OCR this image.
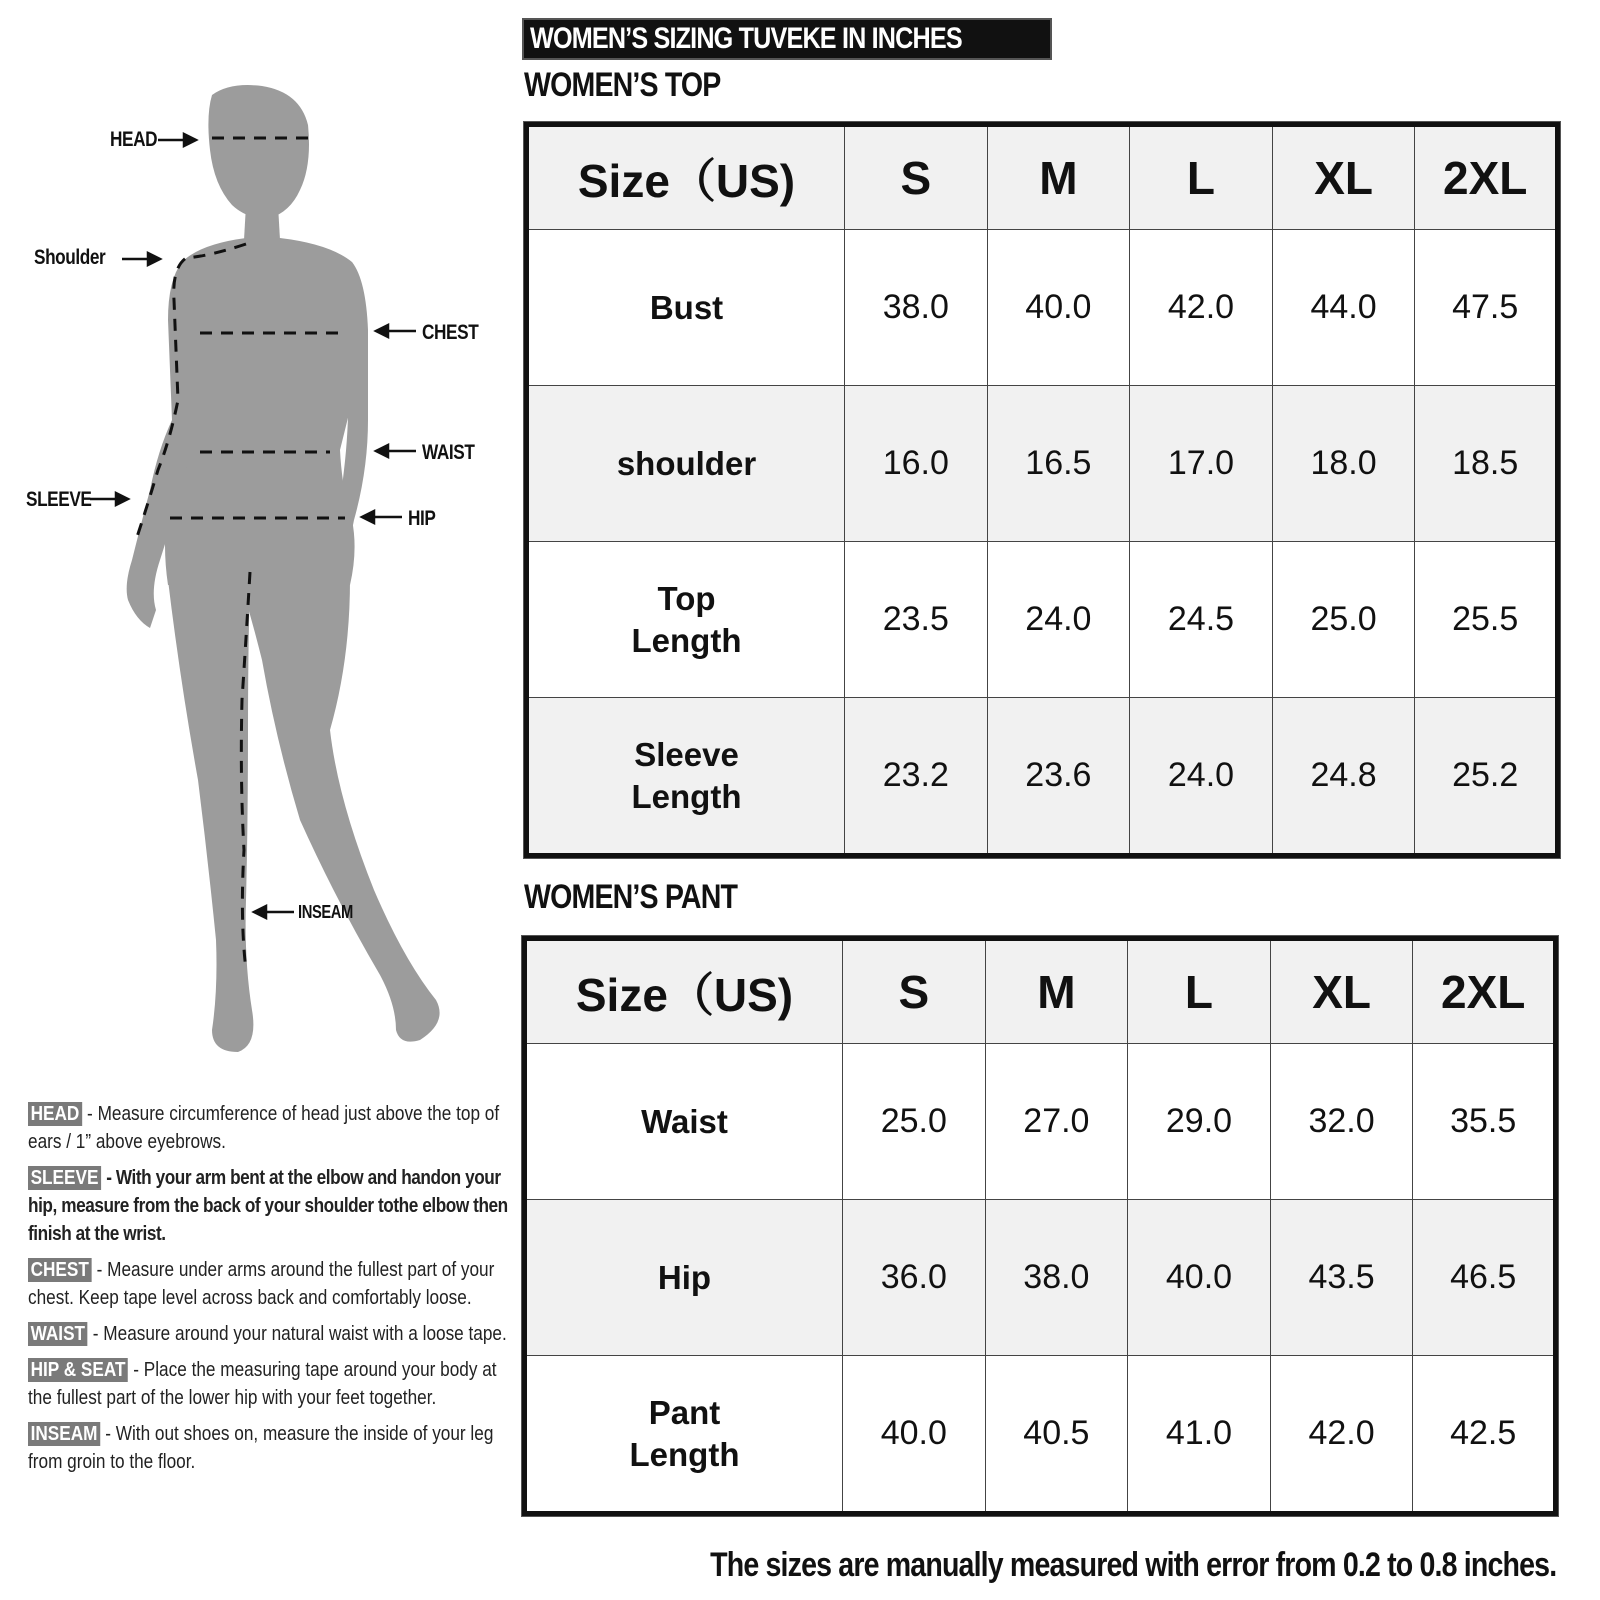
HEAD
Shoulder
CHEST
WAIST
SLEEVE
HIP
INSEAM
HEAD - Measure circumference of head just above the top of ears / 1” above eyebrows.
SLEEVE - With your arm bent at the elbow and handon your hip, measure from the back of your shoulder tothe elbow then finish at the wrist.
CHEST - Measure under arms around the fullest part of your chest. Keep tape level across back and comfortably loose.
WAIST - Measure around your natural waist with a loose tape.
HIP & SEAT - Place the measuring tape around your body at the fullest part of the lower hip with your feet together.
INSEAM - With out shoes on, measure the inside of your leg from groin to the floor.
WOMEN’S SIZING TUVEKE IN INCHES
WOMEN’S TOP
Size（US)	S	M	L	XL	2XL
Bust	38.0	40.0	42.0	44.0	47.5
shoulder	16.0	16.5	17.0	18.0	18.5
Top Length	23.5	24.0	24.5	25.0	25.5
Sleeve Length	23.2	23.6	24.0	24.8	25.2
WOMEN’S PANT
Size（US)	S	M	L	XL	2XL
Waist	25.0	27.0	29.0	32.0	35.5
Hip	36.0	38.0	40.0	43.5	46.5
Pant Length	40.0	40.5	41.0	42.0	42.5
The sizes are manually measured with error from 0.2 to 0.8 inches.
